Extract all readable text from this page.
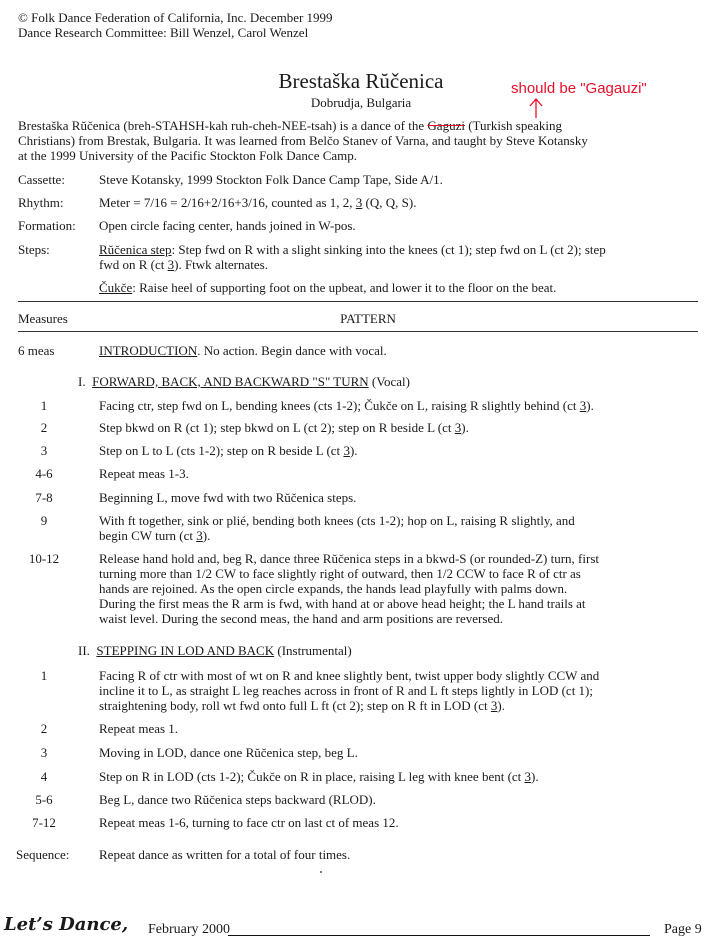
© Folk Dance Federation of California, Inc. December 1999
Dance Research Committee: Bill Wenzel, Carol Wenzel
Brestaška Rŭčenica
Dobrudja, Bulgaria
should be "Gagauzi"
Brestaška Rŭčenica (breh-STAHSH-kah ruh-cheh-NEE-tsah) is a dance of the Gaguzi (Turkish speaking
Christians) from Brestak, Bulgaria. It was learned from Belčo Stanev of Varna, and taught by Steve Kotansky
at the 1999 University of the Pacific Stockton Folk Dance Camp.
Cassette:	Steve Kotansky, 1999 Stockton Folk Dance Camp Tape, Side A/1.
Rhythm:	Meter = 7/16 = 2/16+2/16+3/16, counted as 1, 2, 3 (Q, Q, S).
Formation: Open circle facing center, hands joined in W-pos.
Steps:	Rŭčenica step: Step fwd on R with a slight sinking into the knees (ct 1); step fwd on L (ct 2); step
fwd on R (ct 3). Ftwk alternates.
Čukče: Raise heel of supporting foot on the upbeat, and lower it to the floor on the beat.
Measures	PATTERN
6 meas	INTRODUCTION. No action. Begin dance with vocal.
I. FORWARD, BACK, AND BACKWARD "S" TURN (Vocal)
1	Facing ctr, step fwd on L, bending knees (cts 1-2); Čukče on L, raising R slightly behind (ct 3).
2	Step bkwd on R (ct 1); step bkwd on L (ct 2); step on R beside L (ct 3).
3	Step on L to L (cts 1-2); step on R beside L (ct 3).
4-6	Repeat meas 1-3.
7-8	Beginning L, move fwd with two Rŭčenica steps.
9	With ft together, sink or plié, bending both knees (cts 1-2); hop on L, raising R slightly, and
begin CW turn (ct 3).
10-12	Release hand hold and, beg R, dance three Rŭčenica steps in a bkwd-S (or rounded-Z) turn, first
turning more than 1/2 CW to face slightly right of outward, then 1/2 CCW to face R of ctr as
hands are rejoined. As the open circle expands, the hands lead playfully with palms down.
During the first meas the R arm is fwd, with hand at or above head height; the L hand trails at
waist level. During the second meas, the hand and arm positions are reversed.
II. STEPPING IN LOD AND BACK (Instrumental)
1	Facing R of ctr with most of wt on R and knee slightly bent, twist upper body slightly CCW and
incline it to L, as straight L leg reaches across in front of R and L ft steps lightly in LOD (ct 1);
straightening body, roll wt fwd onto full L ft (ct 2); step on R ft in LOD (ct 3).
2	Repeat meas 1.
3	Moving in LOD, dance one Rŭčenica step, beg L.
4	Step on R in LOD (cts 1-2); Čukče on R in place, raising L leg with knee bent (ct 3).
5-6	Beg L, dance two Rŭčenica steps backward (RLOD).
7-12	Repeat meas 1-6, turning to face ctr on last ct of meas 12.
Sequence: Repeat dance as written for a total of four times.
Let’s Dance, February 2000	Page 9
